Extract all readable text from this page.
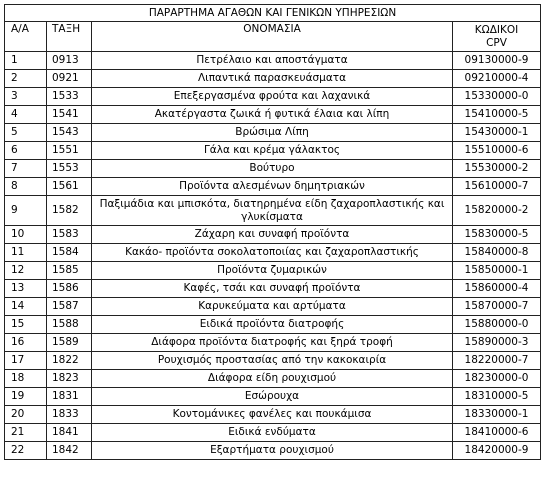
ΠΑΡΑΡΤΗΜΑ ΑΓΑΘΩΝ ΚΑΙ ΓΕΝΙΚΩΝ ΥΠΗΡΕΣΙΩΝ			
Α/Α	ΤΑΞΗ	ΟΝΟΜΑΣΙΑ	ΚΩΔΙΚΟΙ
CPV

1	0913	Πετρέλαιο και αποστάγματα	09130000-9
2	0921	Λιπαντικά παρασκευάσματα	09210000-4
3	1533	Επεξεργασμένα φρούτα και λαχανικά	15330000-0
4	1541	Ακατέργαστα ζωικά ή φυτικά έλαια και λίπη	15410000-5
5	1543	Βρώσιμα Λίπη	15430000-1
6	1551	Γάλα και κρέμα γάλακτος	15510000-6
7	1553	Βούτυρο	15530000-2
8	1561	Προϊόντα αλεσμένων δημητριακών	15610000-7
9	1582	Παξιμάδια και μπισκότα, διατηρημένα είδη ζαχαροπλαστικής και γλυκίσματα	15820000-2
10	1583	Ζάχαρη και συναφή προϊόντα	15830000-5
11	1584	Κακάο- προϊόντα σοκολατοποιίας και ζαχαροπλαστικής	15840000-8
12	1585	Προϊόντα ζυμαρικών	15850000-1
13	1586	Καφές, τσάι και συναφή προϊόντα	15860000-4
14	1587	Καρυκεύματα και αρτύματα	15870000-7
15	1588	Ειδικά προϊόντα διατροφής	15880000-0
16	1589	Διάφορα προϊόντα διατροφής και ξηρά τροφή	15890000-3
17	1822	Ρουχισμός προστασίας από την κακοκαιρία	18220000-7
18	1823	Διάφορα είδη ρουχισμού	18230000-0
19	1831	Εσώρουχα	18310000-5
20	1833	Κοντομάνικες φανέλες και πουκάμισα	18330000-1
21	1841	Ειδικά ενδύματα	18410000-6
22	1842	Εξαρτήματα ρουχισμού	18420000-9
